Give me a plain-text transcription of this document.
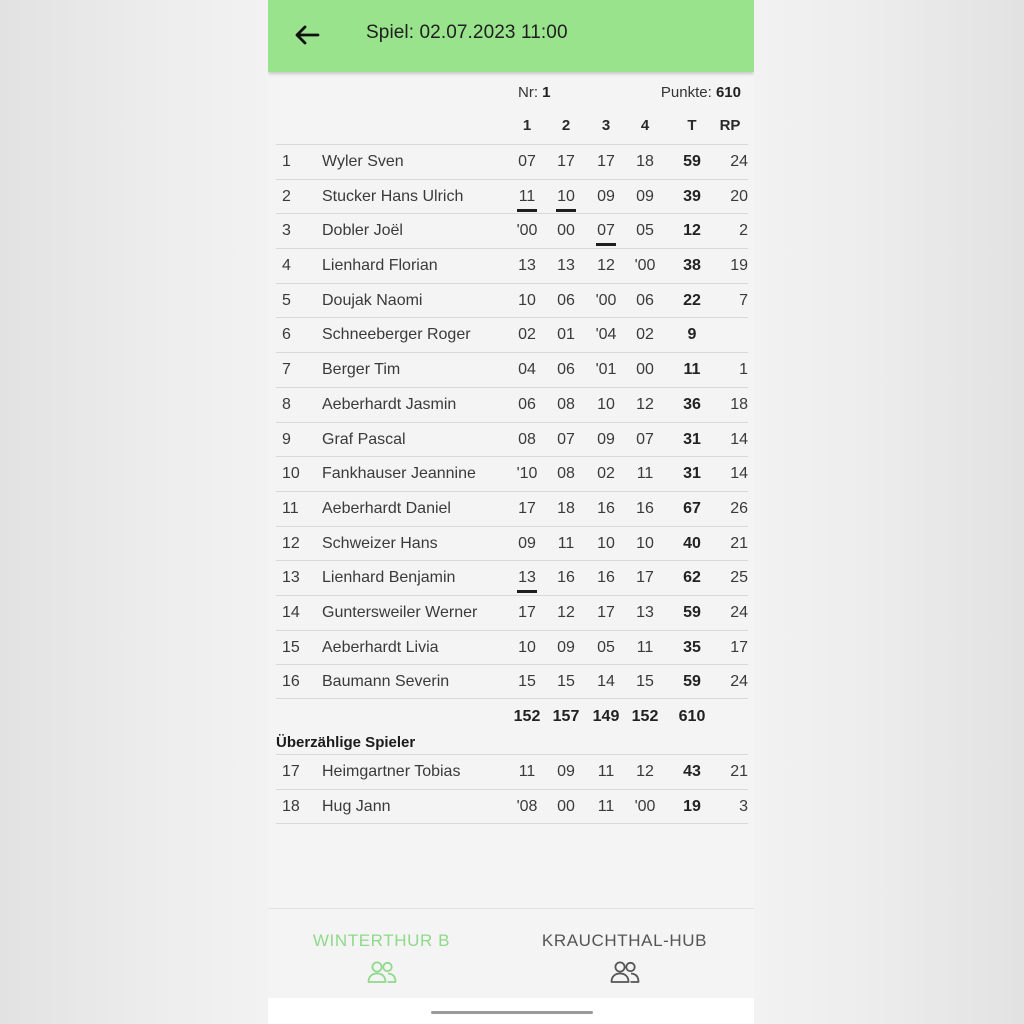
Spiel: 02.07.2023 11:00
Nr: 1	Punkte: 610
1	2	3	4	T	RP
1	Wyler Sven	07	17	17	18	59	24
2	Stucker Hans Ulrich	11	10	09	09	39	20
3	Dobler Joël	'00	00	07	05	12	2
4	Lienhard Florian	13	13	12	'00	38	19
5	Doujak Naomi	10	06	'00	06	22	7
6	Schneeberger Roger	02	01	'04	02	9
7	Berger Tim	04	06	'01	00	11	1
8	Aeberhardt Jasmin	06	08	10	12	36	18
9	Graf Pascal	08	07	09	07	31	14
10	Fankhauser Jeannine	'10	08	02	11	31	14
11	Aeberhardt Daniel	17	18	16	16	67	26
12	Schweizer Hans	09	11	10	10	40	21
13	Lienhard Benjamin	13	16	16	17	62	25
14	Guntersweiler Werner	17	12	17	13	59	24
15	Aeberhardt Livia	10	09	05	11	35	17
16	Baumann Severin	15	15	14	15	59	24
152 157 149 152 610
Überzählige Spieler
17	Heimgartner Tobias	11	09	11	12	43	21
18	Hug Jann	'08	00	11	'00	19	3
WINTERTHUR B	KRAUCHTHAL-HUB
